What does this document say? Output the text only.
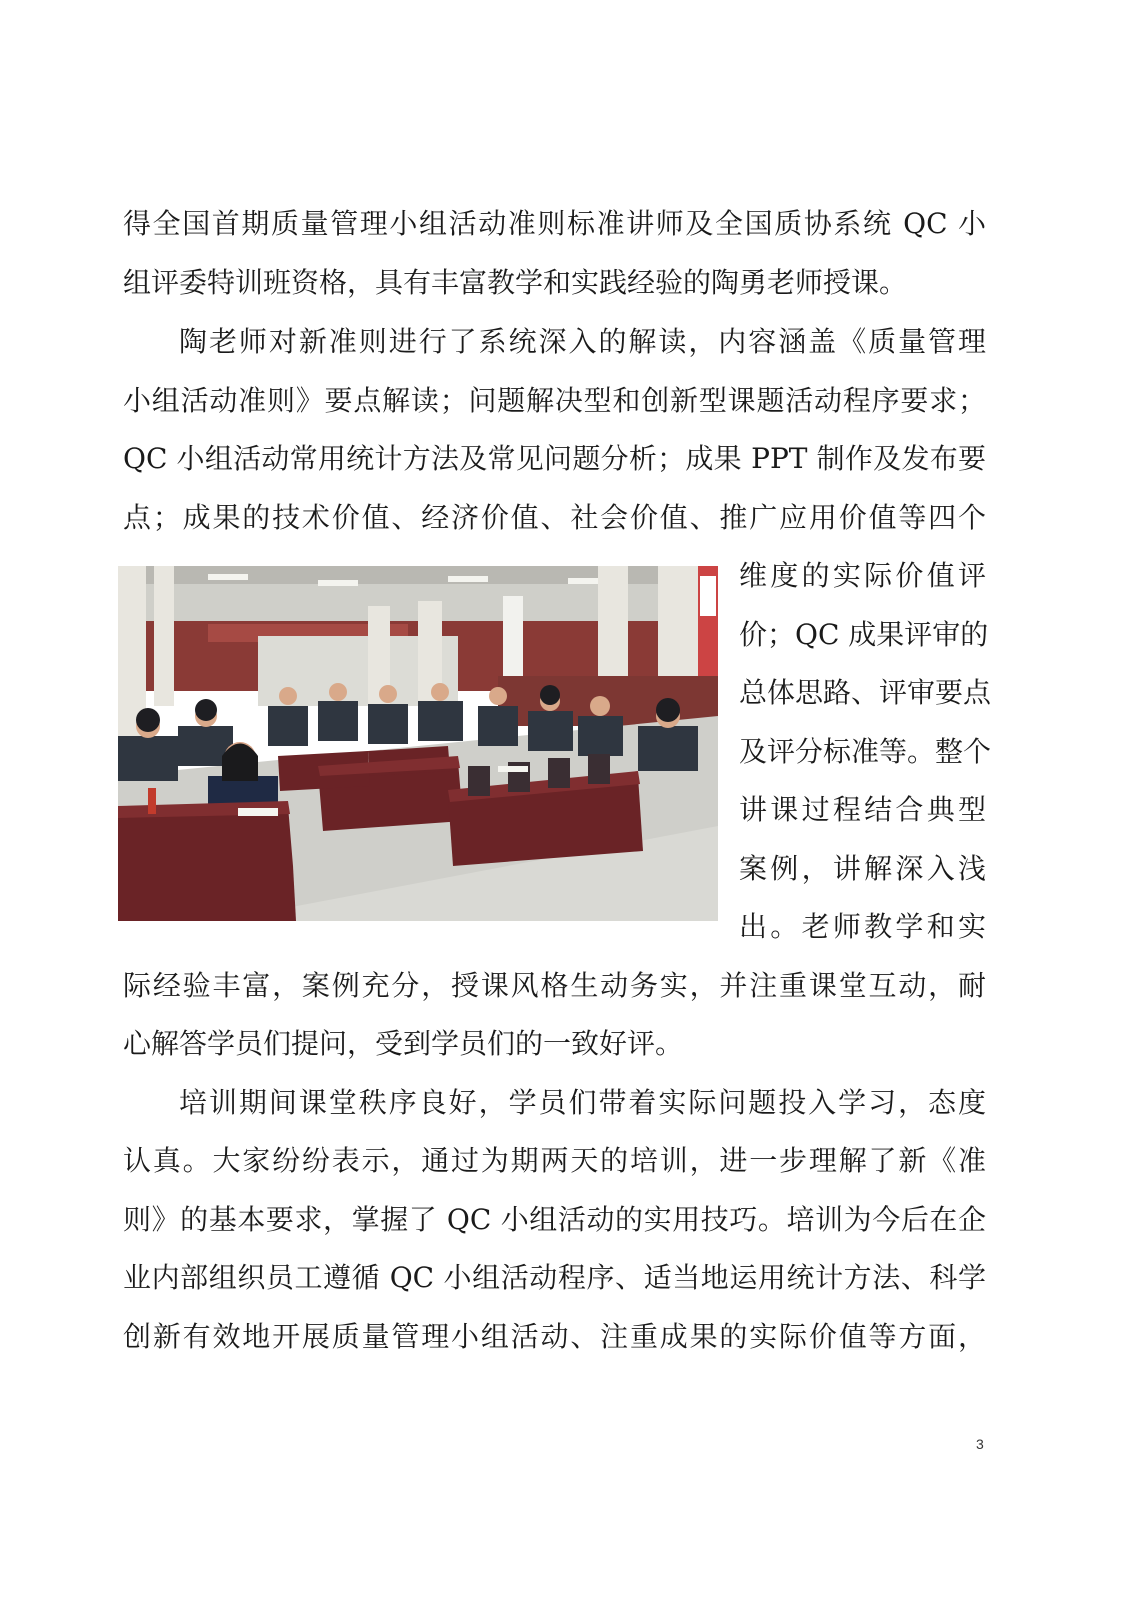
得全国首期质量管理小组活动准则标准讲师及全国质协系统 QC 小
组评委特训班资格，具有丰富教学和实践经验的陶勇老师授课。
陶老师对新准则进行了系统深入的解读，内容涵盖《质量管理
小组活动准则》要点解读；问题解决型和创新型课题活动程序要求；
QC 小组活动常用统计方法及常见问题分析；成果 PPT 制作及发布要
点；成果的技术价值、经济价值、社会价值、推广应用价值等四个
维度的实际价值评
价；QC 成果评审的
总体思路、评审要点
及评分标准等。整个
讲课过程结合典型
案例，讲解深入浅
出。老师教学和实
际经验丰富，案例充分，授课风格生动务实，并注重课堂互动，耐
心解答学员们提问，受到学员们的一致好评。
培训期间课堂秩序良好，学员们带着实际问题投入学习，态度
认真。大家纷纷表示，通过为期两天的培训，进一步理解了新《准
则》的基本要求，掌握了 QC 小组活动的实用技巧。培训为今后在企
业内部组织员工遵循 QC 小组活动程序、适当地运用统计方法、科学
创新有效地开展质量管理小组活动、注重成果的实际价值等方面，
3
